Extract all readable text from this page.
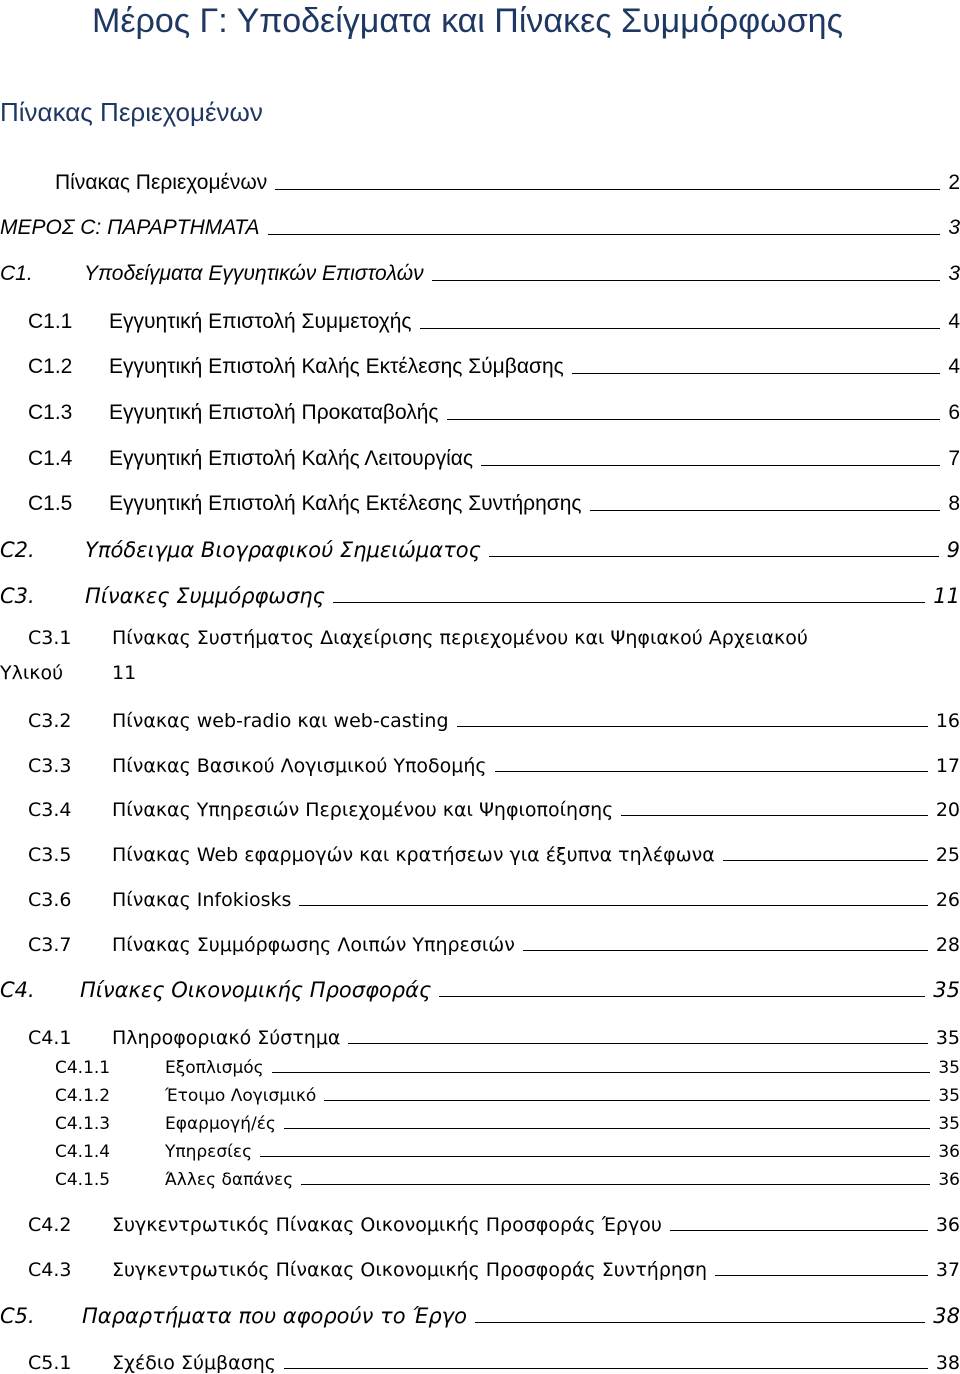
Μέρος Γ: Υποδείγματα και Πίνακες Συμμόρφωσης
Πίνακας Περιεχομένων
Πίνακας Περιεχομένων	2
ΜΕΡΟΣ C: ΠΑΡΑΡΤΗΜΑΤΑ	3
C1.	Υποδείγματα Εγγυητικών Επιστολών	3
C1.1	Εγγυητική Επιστολή Συμμετοχής	4
C1.2	Εγγυητική Επιστολή Καλής Εκτέλεσης Σύμβασης	4
C1.3	Εγγυητική Επιστολή Προκαταβολής	6
C1.4	Εγγυητική Επιστολή Καλής Λειτουργίας	7
C1.5	Εγγυητική Επιστολή Καλής Εκτέλεσης Συντήρησης	8
C2.	Υπόδειγμα Βιογραφικού Σημειώματος	9
C3.	Πίνακες Συμμόρφωσης	11
C3.1 Πίνακας Συστήματος Διαχείρισης περιεχομένου και Ψηφιακού Αρχειακού
Υλικού	11
C3.2	Πίνακας web-radio και web-casting	16
C3.3	Πίνακας Βασικού Λογισμικού Υποδομής	17
C3.4	Πίνακας Υπηρεσιών Περιεχομένου και Ψηφιοποίησης	20
C3.5	Πίνακας Web εφαρμογών και κρατήσεων για έξυπνα τηλέφωνα	25
C3.6	Πίνακας Infokiosks	26
C3.7	Πίνακας Συμμόρφωσης Λοιπών Υπηρεσιών	28
C4.	Πίνακες Οικονομικής Προσφοράς	35
C4.1	Πληροφοριακό Σύστημα	35
C4.1.1	Εξοπλισμός	35
C4.1.2	Έτοιμο Λογισμικό	35
C4.1.3	Εφαρμογή/ές	35
C4.1.4	Υπηρεσίες	36
C4.1.5	Άλλες δαπάνες	36
C4.2	Συγκεντρωτικός Πίνακας Οικονομικής Προσφοράς Έργου	36
C4.3	Συγκεντρωτικός Πίνακας Οικονομικής Προσφοράς Συντήρηση	37
C5.	Παραρτήματα που αφορούν το Έργο	38
C5.1	Σχέδιο Σύμβασης	38
